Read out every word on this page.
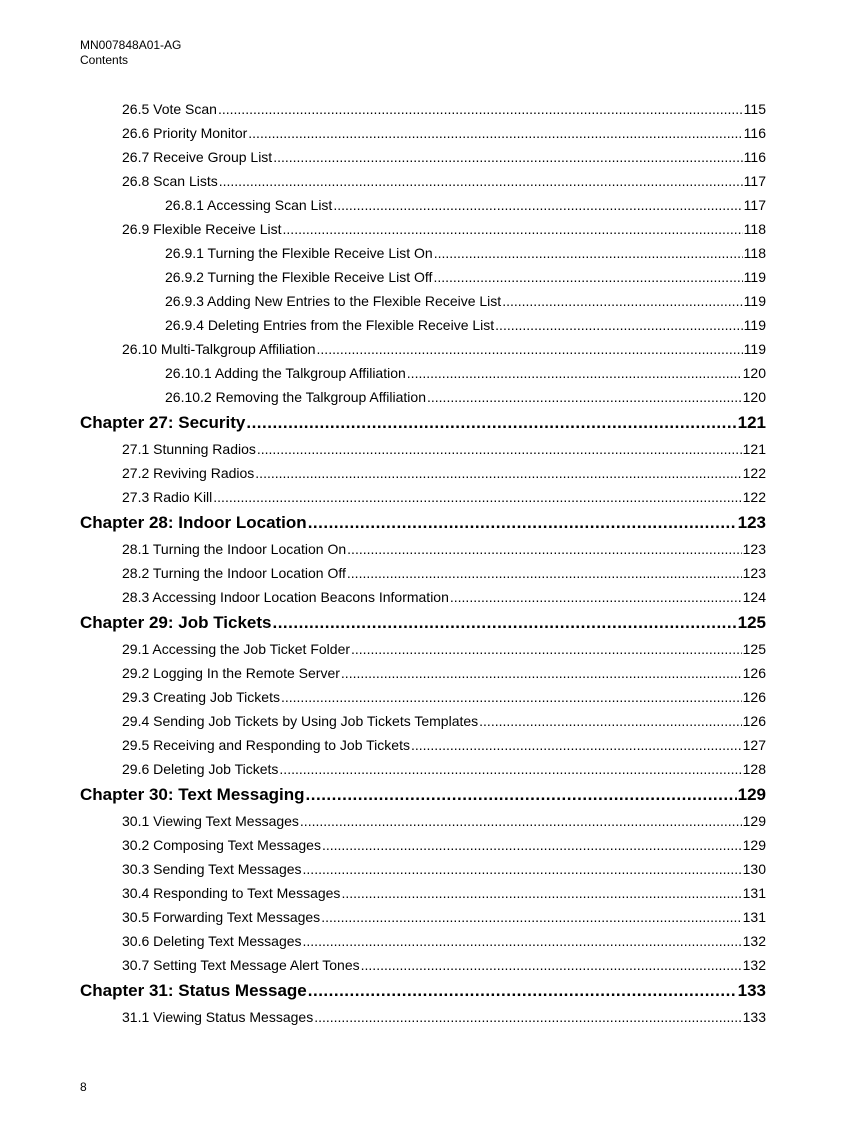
MN007848A01-AG
Contents
26.5 Vote Scan .....	115
26.6 Priority Monitor .....	116
26.7 Receive Group List .....	116
26.8 Scan Lists .....	117
26.8.1 Accessing Scan List .....	117
26.9 Flexible Receive List .....	118
26.9.1 Turning the Flexible Receive List On .....	118
26.9.2 Turning the Flexible Receive List Off .....	119
26.9.3 Adding New Entries to the Flexible Receive List .....	119
26.9.4 Deleting Entries from the Flexible Receive List .....	119
26.10 Multi-Talkgroup Affiliation .....	119
26.10.1 Adding the Talkgroup Affiliation .....	120
26.10.2 Removing the Talkgroup Affiliation .....	120
Chapter 27: Security .....	121
27.1 Stunning Radios .....	121
27.2 Reviving Radios .....	122
27.3 Radio Kill .....	122
Chapter 28: Indoor Location .....	123
28.1 Turning the Indoor Location On .....	123
28.2 Turning the Indoor Location Off .....	123
28.3 Accessing Indoor Location Beacons Information .....	124
Chapter 29: Job Tickets .....	125
29.1 Accessing the Job Ticket Folder .....	125
29.2 Logging In the Remote Server .....	126
29.3 Creating Job Tickets .....	126
29.4 Sending Job Tickets by Using Job Tickets Templates .....	126
29.5 Receiving and Responding to Job Tickets .....	127
29.6 Deleting Job Tickets .....	128
Chapter 30: Text Messaging .....	129
30.1 Viewing Text Messages .....	129
30.2 Composing Text Messages .....	129
30.3 Sending Text Messages .....	130
30.4 Responding to Text Messages .....	131
30.5 Forwarding Text Messages .....	131
30.6 Deleting Text Messages .....	132
30.7 Setting Text Message Alert Tones .....	132
Chapter 31: Status Message .....	133
31.1 Viewing Status Messages .....	133
8
